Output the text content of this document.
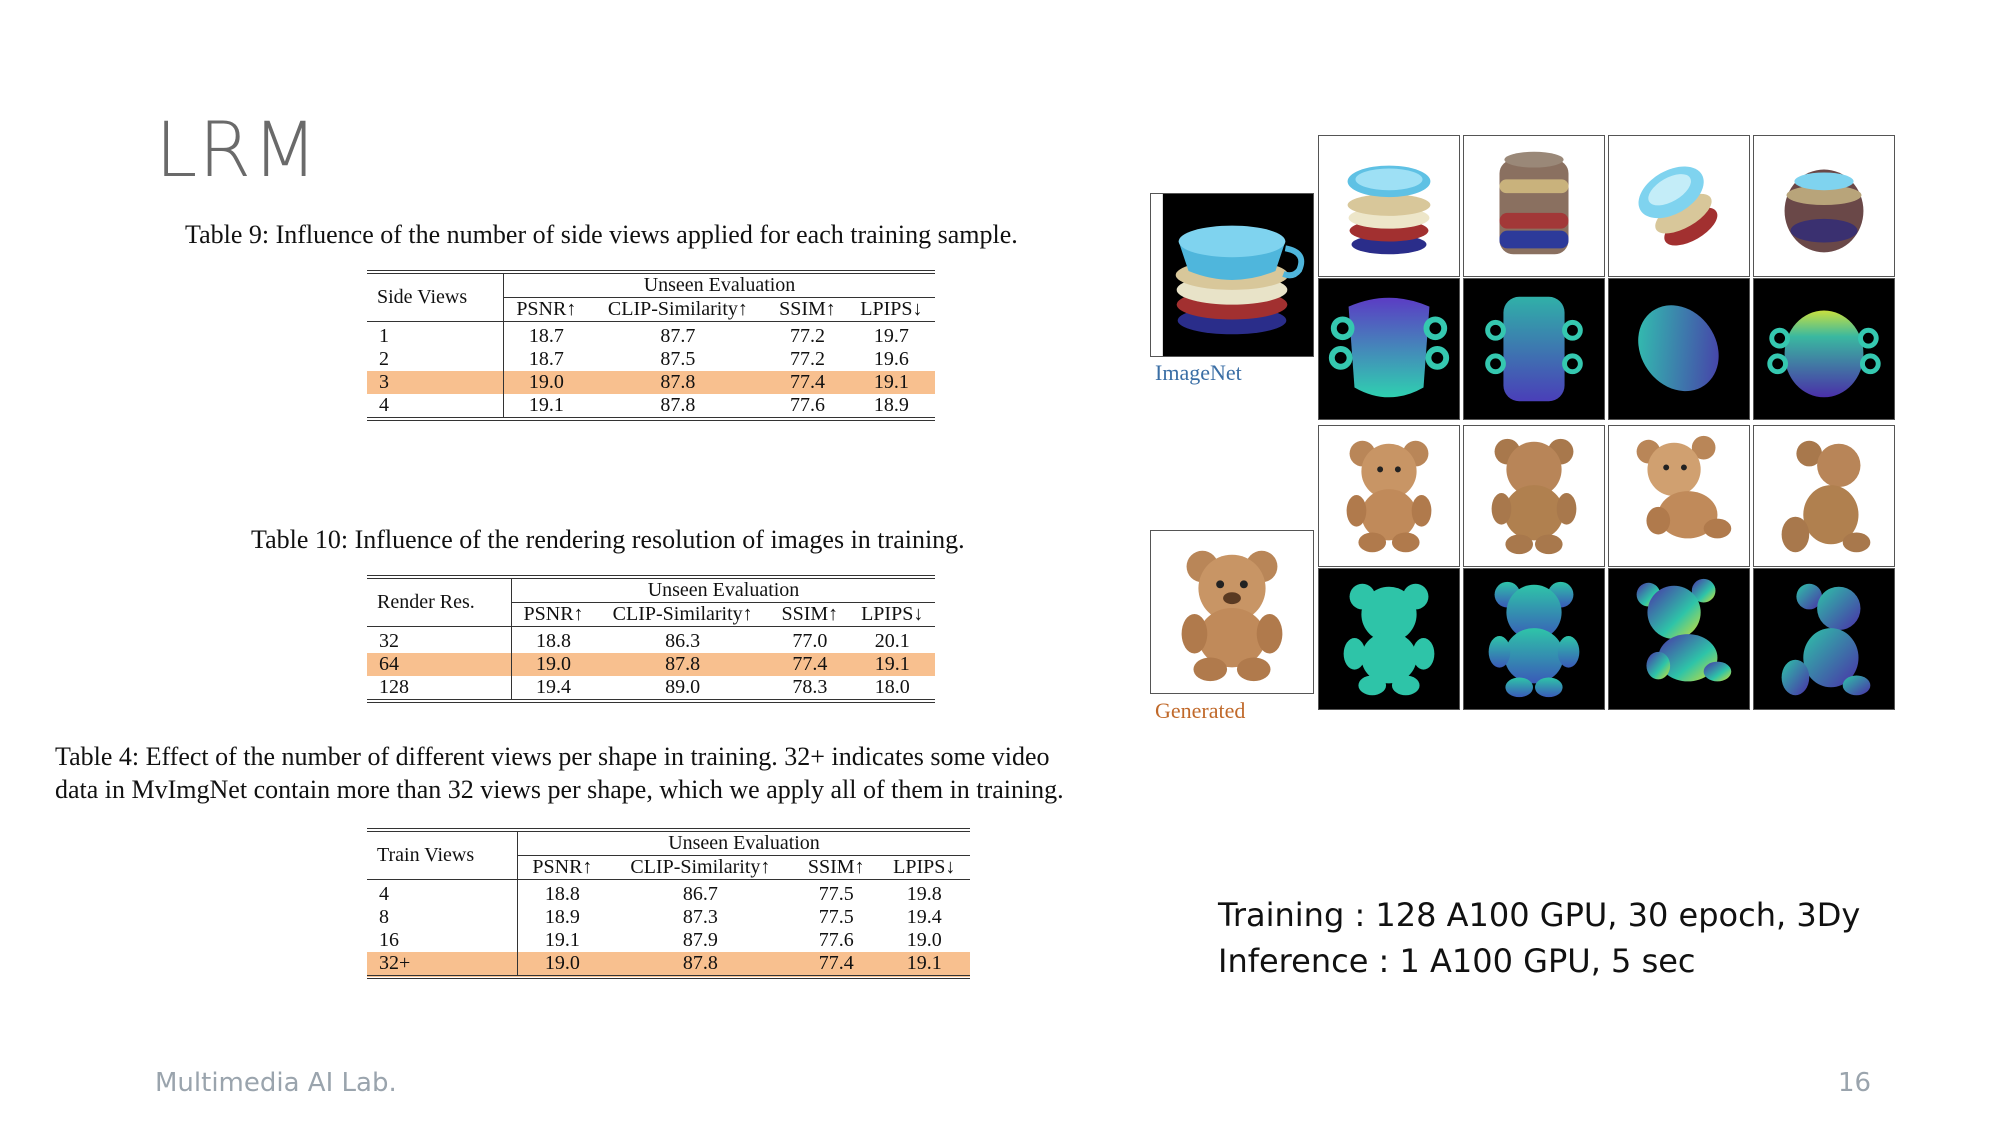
LRM
Table 9: Influence of the number of side views applied for each training sample.
Side Views	Unseen Evaluation			
	PSNR↑	CLIP-Similarity↑	SSIM↑	LPIPS↓
1	18.7	87.7	77.2	19.7
2	18.7	87.5	77.2	19.6
3	19.0	87.8	77.4	19.1
4	19.1	87.8	77.6	18.9
Table 10: Influence of the rendering resolution of images in training.
Render Res.	Unseen Evaluation			
	PSNR↑	CLIP-Similarity↑	SSIM↑	LPIPS↓
32	18.8	86.3	77.0	20.1
64	19.0	87.8	77.4	19.1
128	19.4	89.0	78.3	18.0
Table 4: Effect of the number of different views per shape in training. 32+ indicates some video
data in MvImgNet contain more than 32 views per shape, which we apply all of them in training.
Train Views	Unseen Evaluation			
	PSNR↑	CLIP-Similarity↑	SSIM↑	LPIPS↓
4	18.8	86.7	77.5	19.8
8	18.9	87.3	77.5	19.4
16	19.1	87.9	77.6	19.0
32+	19.0	87.8	77.4	19.1
ImageNet
Generated
Training : 128 A100 GPU, 30 epoch, 3Dy
Inference : 1 A100 GPU, 5 sec
Multimedia AI Lab.	16
